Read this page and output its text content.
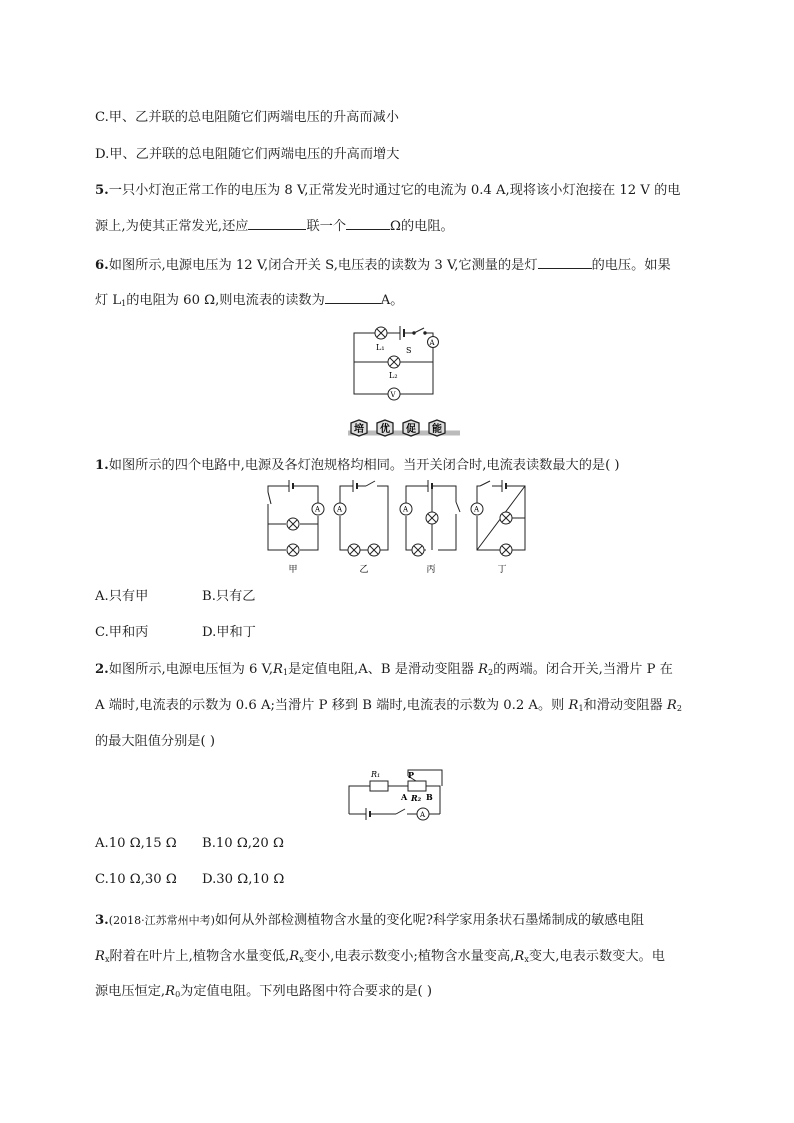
C.甲、乙并联的总电阻随它们两端电压的升高而减小
D.甲、乙并联的总电阻随它们两端电压的升高而增大
5.一只小灯泡正常工作的电压为 8 V,正常发光时通过它的电流为 0.4 A,现将该小灯泡接在 12 V 的电
源上,为使其正常发光,还应	联一个	Ω的电阻。
6.如图所示,电源电压为 12 V,闭合开关 S,电压表的读数为 3 V,它测量的是灯	的电压。如果
灯 $L_1$的电阻为 60 Ω,则电流表的读数为	A。
L₁	S
A
L₂
V
培 优 促 能
1.如图所示的四个电路中,电源及各灯泡规格均相同。当开关闭合时,电流表读数最大的是( )
A A	A	A
甲	乙	丙	丁
A.只有甲	B.只有乙
C.甲和丙	D.甲和丁
2.如图所示,电源电压恒为 6 $V,R_1$是定值电阻,A、B 是滑动变阻器 $R_2$的两端。闭合开关,当滑片 P 在
A 端时,电流表的示数为 0.6 A;当滑片 P 移到 B 端时,电流表的示数为 0.2 A。则 $R_1$和滑动变阻器 $R_2$
的最大阻值分别是( )
R₁	P
A R₂ B
A
A.10 Ω,15 Ω B.10 Ω,20 Ω
C.10 Ω,30 Ω D.30 Ω,10 Ω
3.(2018·江苏常州中考)如何从外部检测植物含水量的变化呢?科学家用条状石墨烯制成的敏感电阻
$R_x$附着在叶片上,植物含水量变低$,R_x$变小,电表示数变小;植物含水量变高$,R_x$变大,电表示数变大。电
源电压恒定$,R_0$为定值电阻。下列电路图中符合要求的是( )
